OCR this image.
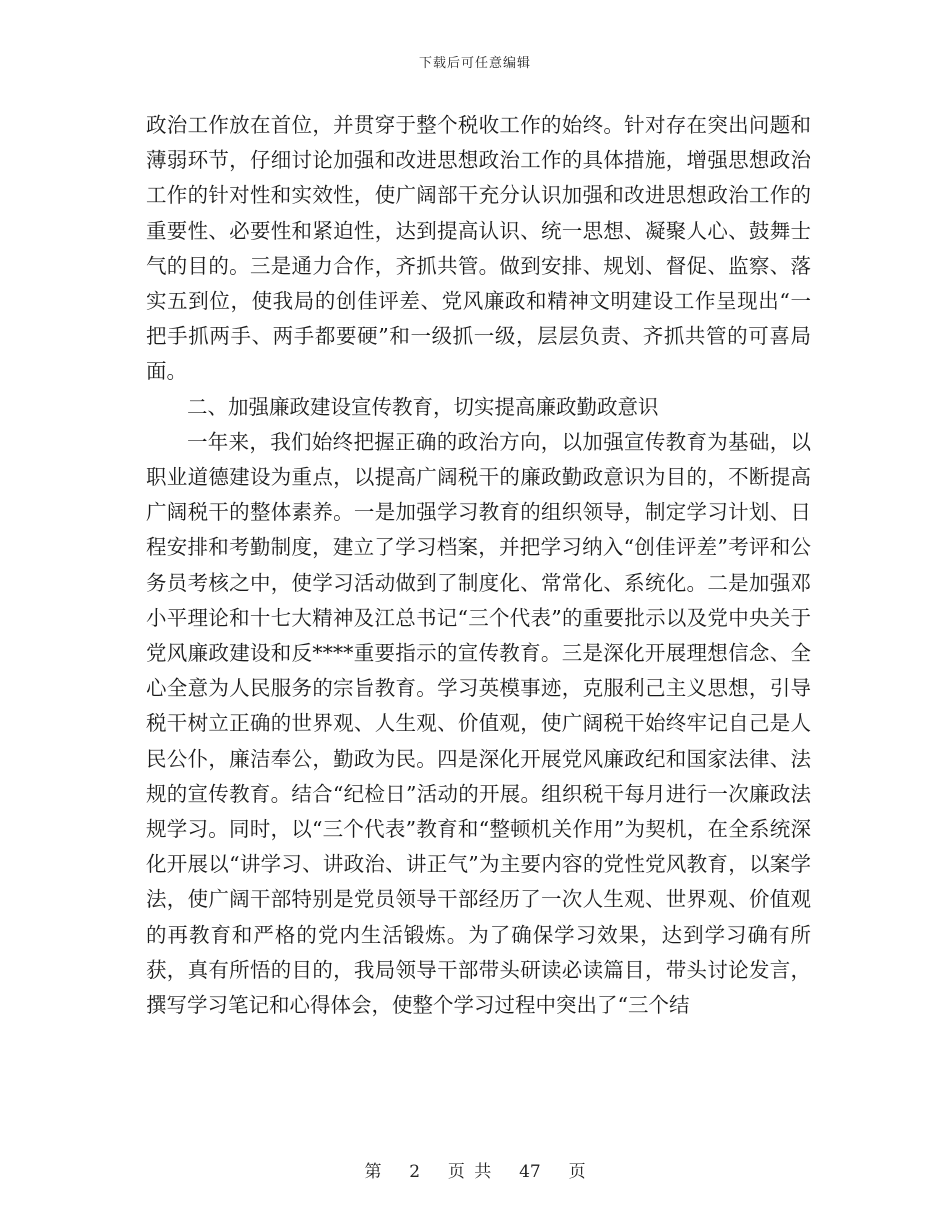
下载后可任意编辑

政治工作放在首位，并贯穿于整个税收工作的始终。针对存在突出问题和薄弱环节，仔细讨论加强和改进思想政治工作的具体措施，增强思想政治工作的针对性和实效性，使广阔部干充分认识加强和改进思想政治工作的重要性、必要性和紧迫性，达到提高认识、统一思想、凝聚人心、鼓舞士气的目的。三是通力合作，齐抓共管。做到安排、规划、督促、监察、落实五到位，使我局的创佳评差、党风廉政和精神文明建设工作呈现出“一把手抓两手、两手都要硬”和一级抓一级，层层负责、齐抓共管的可喜局面。

二、加强廉政建设宣传教育，切实提高廉政勤政意识

一年来，我们始终把握正确的政治方向，以加强宣传教育为基础，以职业道德建设为重点，以提高广阔税干的廉政勤政意识为目的，不断提高广阔税干的整体素养。一是加强学习教育的组织领导，制定学习计划、日程安排和考勤制度，建立了学习档案，并把学习纳入“创佳评差”考评和公务员考核之中，使学习活动做到了制度化、常常化、系统化。二是加强邓小平理论和十七大精神及江总书记“三个代表”的重要批示以及党中央关于党风廉政建设和反****重要指示的宣传教育。三是深化开展理想信念、全心全意为人民服务的宗旨教育。学习英模事迹，克服利己主义思想，引导税干树立正确的世界观、人生观、价值观，使广阔税干始终牢记自己是人民公仆，廉洁奉公，勤政为民。四是深化开展党风廉政纪和国家法律、法规的宣传教育。结合“纪检日”活动的开展。组织税干每月进行一次廉政法规学习。同时，以“三个代表”教育和“整顿机关作用”为契机，在全系统深化开展以“讲学习、讲政治、讲正气”为主要内容的党性党风教育，以案学法，使广阔干部特别是党员领导干部经历了一次人生观、世界观、价值观的再教育和严格的党内生活锻炼。为了确保学习效果，达到学习确有所获，真有所悟的目的，我局领导干部带头研读必读篇目，带头讨论发言，撰写学习笔记和心得体会，使整个学习过程中突出了“三个结

第 2 页 共 47 页
